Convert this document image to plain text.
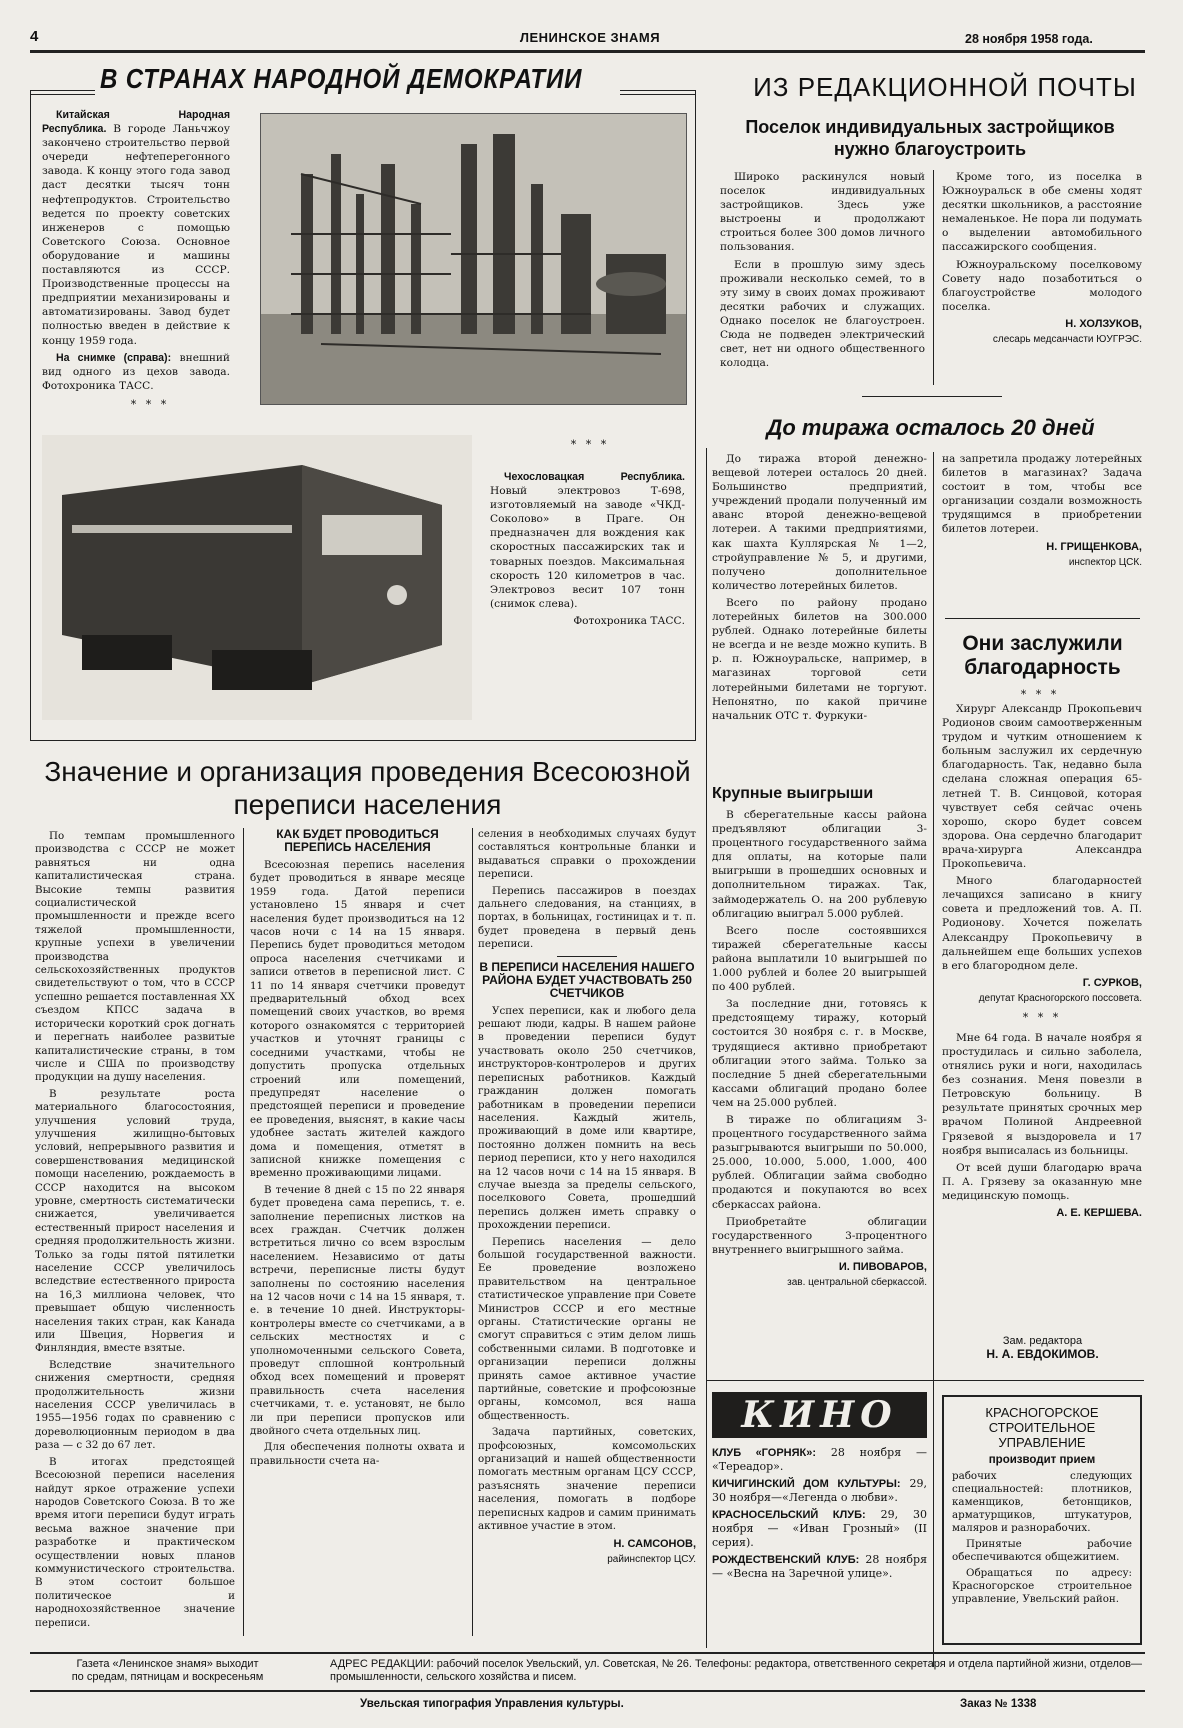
4	ЛЕНИНСКОЕ ЗНАМЯ	28 ноября 1958 года.
В СТРАНАХ НАРОДНОЙ ДЕМОКРАТИИ

Китайская Народная Республика. В городе Ланьчжоу закончено строительство первой очереди нефтеперегонного завода. К концу этого года завод даст десятки тысяч тонн нефтепродуктов. Строительство ведется по проекту советских инженеров с помощью Советского Союза. Основное оборудование и машины поставляются из СССР. Производственные процессы на предприятии механизированы и автоматизированы. Завод будет полностью введен в действие к концу 1959 года.

На снимке (справа): внешний вид одного из цехов завода. Фотохроника ТАСС.

* * *
* * *

Чехословацкая Республика. Новый электровоз Т-698, изготовляемый на заводе «ЧКД-Соколово» в Праге. Он предназначен для вождения как скоростных пассажирских так и товарных поездов. Максимальная скорость 120 километров в час. Электровоз весит 107 тонн (снимок слева).

Фотохроника ТАСС.

ИЗ РЕДАКЦИОННОЙ ПОЧТЫ
Поселок индивидуальных застройщиков нужно благоустроить

Широко раскинулся новый поселок индивидуальных застройщиков. Здесь уже выстроены и продолжают строиться более 300 домов личного пользования.

Если в прошлую зиму здесь проживали несколько семей, то в эту зиму в своих домах проживают десятки рабочих и служащих. Однако поселок не благоустроен. Сюда не подведен электрический свет, нет ни одного общественного колодца.

Кроме того, из поселка в Южноуральск в обе смены ходят десятки школьников, а расстояние немаленькое. Не пора ли подумать о выделении автомобильного пассажирского сообщения.

Южноуральскому поселковому Совету надо позаботиться о благоустройстве молодого поселка.

Н. ХОЛЗУКОВ,
слесарь медсанчасти ЮУГРЭС.
До тиража осталось 20 дней

До тиража второй денежно-вещевой лотереи осталось 20 дней. Большинство предприятий, учреждений продали полученный им аванс второй денежно-вещевой лотереи. А такими предприятиями, как шахта Куллярская № 1—2, стройуправление № 5, и другими, получено дополнительное количество лотерейных билетов.

Всего по району продано лотерейных билетов на 300.000 рублей. Однако лотерейные билеты не всегда и не везде можно купить. В р. п. Южноуральске, например, в магазинах торговой сети лотерейными билетами не торгуют. Непонятно, по какой причине начальник ОТС т. Фуркуки-

на запретила продажу лотерейных билетов в магазинах? Задача состоит в том, чтобы все организации создали возможность трудящимся в приобретении билетов лотереи.

Н. ГРИЩЕНКОВА,
инспектор ЦСК.
Они заслужили благодарность
* * *

Хирург Александр Прокопьевич Родионов своим самоотверженным трудом и чутким отношением к больным заслужил их сердечную благодарность. Так, недавно была сделана сложная операция 65-летней Т. В. Синцовой, которая чувствует себя сейчас очень хорошо, скоро будет совсем здорова. Она сердечно благодарит врача-хирурга Александра Прокопьевича.

Много благодарностей лечащихся записано в книгу совета и предложений тов. А. П. Родионову. Хочется пожелать Александру Прокопьевичу в дальнейшем еще больших успехов в его благородном деле.

Г. СУРКОВ,
депутат Красногорского поссовета.
* * *

Мне 64 года. В начале ноября я простудилась и сильно заболела, отнялись руки и ноги, находилась без сознания. Меня повезли в Петровскую больницу. В результате принятых срочных мер врачом Полиной Андреевной Грязевой я выздоровела и 17 ноября выписалась из больницы.

От всей души благодарю врача П. А. Грязеву за оказанную мне медицинскую помощь.

А. Е. КЕРШЕВА.
Крупные выигрыши

В сберегательные кассы района предъявляют облигации 3-процентного государственного займа для оплаты, на которые пали выигрыши в прошедших основных и дополнительном тиражах. Так, займодержатель О. на 200 рублевую облигацию выиграл 5.000 рублей.

Всего после состоявшихся тиражей сберегательные кассы района выплатили 10 выигрышей по 1.000 рублей и более 20 выигрышей по 400 рублей.

За последние дни, готовясь к предстоящему тиражу, который состоится 30 ноября с. г. в Москве, трудящиеся активно приобретают облигации этого займа. Только за последние 5 дней сберегательными кассами облигаций продано более чем на 25.000 рублей.

В тираже по облигациям 3-процентного государственного займа разыгрываются выигрыши по 50.000, 25.000, 10.000, 5.000, 1.000, 400 рублей. Облигации займа свободно продаются и покупаются во всех сберкассах района.

Приобретайте облигации государственного 3-процентного внутреннего выигрышного займа.

И. ПИВОВАРОВ,
зав. центральной сберкассой.
Зам. редактора
Н. А. ЕВДОКИМОВ.
Значение и организация проведения Всесоюзной переписи населения

По темпам промышленного производства с СССР не может равняться ни одна капиталистическая страна. Высокие темпы развития социалистической промышленности и прежде всего тяжелой промышленности, крупные успехи в увеличении производства сельскохозяйственных продуктов свидетельствуют о том, что в СССР успешно решается поставленная XX съездом КПСС задача в исторически короткий срок догнать и перегнать наиболее развитые капиталистические страны, в том числе и США по производству продукции на душу населения.

В результате роста материального благосостояния, улучшения условий труда, улучшения жилищно-бытовых условий, непрерывного развития и совершенствования медицинской помощи населению, рождаемость в СССР находится на высоком уровне, смертность систематически снижается, увеличивается естественный прирост населения и средняя продолжительность жизни. Только за годы пятой пятилетки население СССР увеличилось вследствие естественного прироста на 16,3 миллиона человек, что превышает общую численность населения таких стран, как Канада или Швеция, Норвегия и Финляндия, вместе взятые.

Вследствие значительного снижения смертности, средняя продолжительность жизни населения СССР увеличилась в 1955—1956 годах по сравнению с дореволюционным периодом в два раза — с 32 до 67 лет.

В итогах предстоящей Всесоюзной переписи населения найдут яркое отражение успехи народов Советского Союза. В то же время итоги переписи будут играть весьма важное значение при разработке и практическом осуществлении новых планов коммунистического строительства. В этом состоит большое политическое и народнохозяйственное значение переписи.

КАК БУДЕТ ПРОВОДИТЬСЯ ПЕРЕПИСЬ НАСЕЛЕНИЯ

Всесоюзная перепись населения будет проводиться в январе месяце 1959 года. Датой переписи установлено 15 января и счет населения будет производиться на 12 часов ночи с 14 на 15 января. Перепись будет проводиться методом опроса населения счетчиками и записи ответов в переписной лист. С 11 по 14 января счетчики проведут предварительный обход всех помещений своих участков, во время которого ознакомятся с территорией участков и уточнят границы с соседними участками, чтобы не допустить пропуска отдельных строений или помещений, предупредят население о предстоящей переписи и проведение ее проведения, выяснят, в какие часы удобнее застать жителей каждого дома и помещения, отметят в записной книжке помещения с временно проживающими лицами.

В течение 8 дней с 15 по 22 января будет проведена сама перепись, т. е. заполнение переписных листков на всех граждан. Счетчик должен встретиться лично со всем взрослым населением. Независимо от даты встречи, переписные листы будут заполнены по состоянию населения на 12 часов ночи с 14 на 15 января, т. е. в течение 10 дней. Инструкторы-контролеры вместе со счетчиками, а в сельских местностях и с уполномоченными сельского Совета, проведут сплошной контрольный обход всех помещений и проверят правильность счета населения счетчиками, т. е. установят, не было ли при переписи пропусков или двойного счета отдельных лиц.

Для обеспечения полноты охвата и правильности счета на-

селения в необходимых случаях будут составляться контрольные бланки и выдаваться справки о прохождении переписи.

Перепись пассажиров в поездах дальнего следования, на станциях, в портах, в больницах, гостиницах и т. п. будет проведена в первый день переписи.

В ПЕРЕПИСИ НАСЕЛЕНИЯ НАШЕГО РАЙОНА БУДЕТ УЧАСТВОВАТЬ 250 СЧЕТЧИКОВ

Успех переписи, как и любого дела решают люди, кадры. В нашем районе в проведении переписи будут участвовать около 250 счетчиков, инструкторов-контролеров и других переписных работников. Каждый гражданин должен помогать работникам в проведении переписи населения. Каждый житель, проживающий в доме или квартире, постоянно должен помнить на весь период переписи, кто у него находился на 12 часов ночи с 14 на 15 января. В случае выезда за пределы сельского, поселкового Совета, прошедший перепись должен иметь справку о прохождении переписи.

Перепись населения — дело большой государственной важности. Ее проведение возложено правительством на центральное статистическое управление при Совете Министров СССР и его местные органы. Статистические органы не смогут справиться с этим делом лишь собственными силами. В подготовке и организации переписи должны принять самое активное участие партийные, советские и профсоюзные органы, комсомол, вся наша общественность.

Задача партийных, советских, профсоюзных, комсомольских организаций и нашей общественности помогать местным органам ЦСУ СССР, разъяснять значение переписи населения, помогать в подборе переписных кадров и самим принимать активное участие в этом.

Н. САМСОНОВ,
райинспектор ЦСУ.
КИНО

КЛУБ «ГОРНЯК»: 28 ноября — «Тереадор».

КИЧИГИНСКИЙ ДОМ КУЛЬТУРЫ: 29, 30 ноября—«Легенда о любви».

КРАСНОСЕЛЬСКИЙ КЛУБ: 29, 30 ноября — «Иван Грозный» (II серия).

РОЖДЕСТВЕНСКИЙ КЛУБ: 28 ноября — «Весна на Заречной улице».

КРАСНОГОРСКОЕ СТРОИТЕЛЬНОЕ УПРАВЛЕНИЕ
производит прием

рабочих следующих специальностей: плотников, каменщиков, бетонщиков, арматурщиков, штукатуров, маляров и разнорабочих.

Принятые рабочие обеспечиваются общежитием.

Обращаться по адресу: Красногорское строительное управление, Увельский район.

Газета «Ленинское знамя» выходит
по средам, пятницам и воскресеньям
АДРЕС РЕДАКЦИИ: рабочий поселок Увельский, ул. Советская, № 26. Телефоны: редактора, ответственного секретаря и отдела партийной жизни, отделов—промышленности, сельского хозяйства и писем.
Увельская типография Управления культуры.	Заказ № 1338
